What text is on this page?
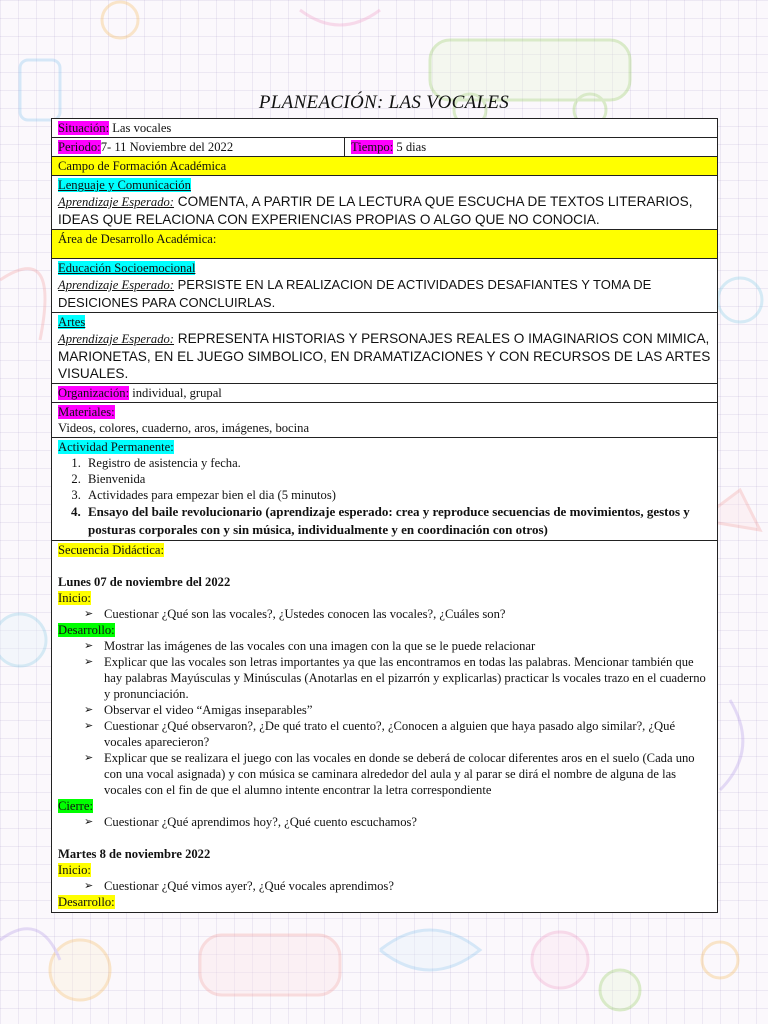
PLANEACIÓN: LAS VOCALES
Situación: Las vocales
Periodo:7- 11 Noviembre del 2022	Tiempo: 5 dias
Campo de Formación Académica
Lenguaje y Comunicación
Aprendizaje Esperado: COMENTA, A PARTIR DE LA LECTURA QUE ESCUCHA DE TEXTOS LITERARIOS, IDEAS QUE RELACIONA CON EXPERIENCIAS PROPIAS O ALGO QUE NO CONOCIA.
Área de Desarrollo Académica:
Educación Socioemocional
Aprendizaje Esperado: PERSISTE EN LA REALIZACION DE ACTIVIDADES DESAFIANTES Y TOMA DE DESICIONES PARA CONCLUIRLAS.
Artes
Aprendizaje Esperado: REPRESENTA HISTORIAS Y PERSONAJES REALES O IMAGINARIOS CON MIMICA, MARIONETAS, EN EL JUEGO SIMBOLICO, EN DRAMATIZACIONES Y CON RECURSOS DE LAS ARTES VISUALES.
Organización: individual, grupal
Materiales:
Videos, colores, cuaderno, aros, imágenes, bocina
Actividad Permanente:
1. Registro de asistencia y fecha.
2. Bienvenida
3. Actividades para empezar bien el dia (5 minutos)
4. Ensayo del baile revolucionario (aprendizaje esperado: crea y reproduce secuencias de movimientos, gestos y posturas corporales con y sin música, individualmente y en coordinación con otros)
Secuencia Didáctica:
Lunes 07 de noviembre del 2022
Inicio:
➢ Cuestionar ¿Qué son las vocales?, ¿Ustedes conocen las vocales?, ¿Cuáles son?
Desarrollo:
➢ Mostrar las imágenes de las vocales con una imagen con la que se le puede relacionar
➢ Explicar que las vocales son letras importantes ya que las encontramos en todas las palabras. Mencionar también que hay palabras Mayúsculas y Minúsculas (Anotarlas en el pizarrón y explicarlas) practicar ls vocales trazo en el cuaderno y pronunciación.
➢ Observar el video “Amigas inseparables”
➢ Cuestionar ¿Qué observaron?, ¿De qué trato el cuento?, ¿Conocen a alguien que haya pasado algo similar?, ¿Qué vocales aparecieron?
➢ Explicar que se realizara el juego con las vocales en donde se deberá de colocar diferentes aros en el suelo (Cada uno con una vocal asignada) y con música se caminara alrededor del aula y al parar se dirá el nombre de alguna de las vocales con el fin de que el alumno intente encontrar la letra correspondiente
Cierre:
➢ Cuestionar ¿Qué aprendimos hoy?, ¿Qué cuento escuchamos?
Martes 8 de noviembre 2022
Inicio:
➢ Cuestionar ¿Qué vimos ayer?, ¿Qué vocales aprendimos?
Desarrollo:
